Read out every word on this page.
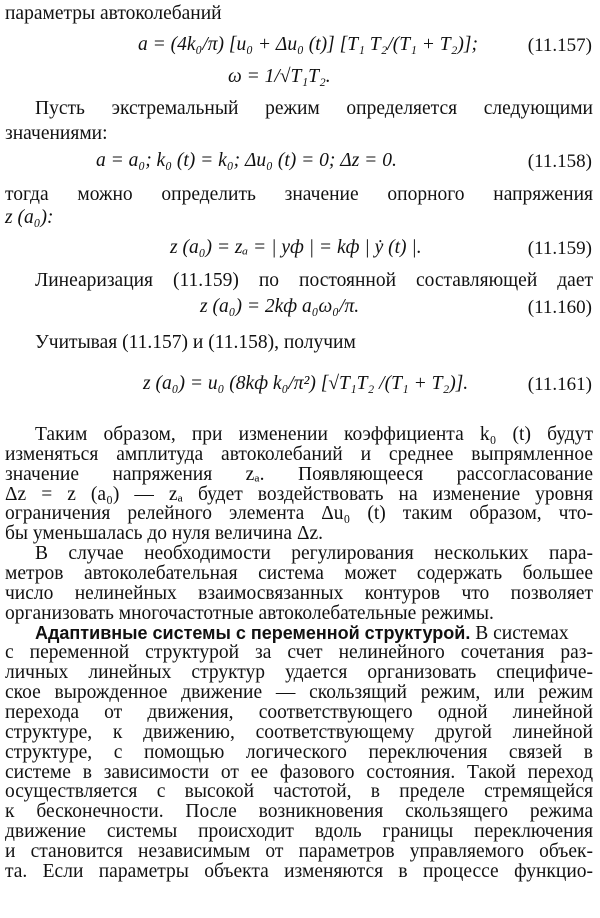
параметры автоколебаний
a = (4k₀/π) [u₀ + Δu₀ (t)] [T₁ T₂/(T₁ + T₂)];	(11.157)
ω = 1/√T₁T₂.
Пусть экстремальный режим определяется следующими
значениями:
a = a₀; k₀ (t) = k₀; Δu₀ (t) = 0; Δz = 0.	(11.158)
тогда можно определить значение опорного напряжения
z (a₀):
z (a₀) = zₐ = | yф | = kф | ẏ (t) |.	(11.159)
Линеаризация (11.159) по постоянной составляющей дает
z (a₀) = 2kф a₀ω₀/π.	(11.160)
Учитывая (11.157) и (11.158), получим
z (a₀) = u₀ (8kф k₀/π²) [√T₁T₂ /(T₁ + T₂)].	(11.161)
Таким образом, при изменении коэффициента k₀ (t) будут
изменяться амплитуда автоколебаний и среднее выпрямленное
значение напряжения zₐ. Появляющееся рассогласование
Δz = z (a₀) — zₐ будет воздействовать на изменение уровня
ограничения релейного элемента Δu₀ (t) таким образом, что-
бы уменьшалась до нуля величина Δz.
В случае необходимости регулирования нескольких пара-
метров автоколебательная система может содержать большее
число нелинейных взаимосвязанных контуров что позволяет
организовать многочастотные автоколебательные режимы.
Адаптивные системы с переменной структурой. В системах
с переменной структурой за счет нелинейного сочетания раз-
личных линейных структур удается организовать специфиче-
ское вырожденное движение — скользящий режим, или режим
перехода от движения, соответствующего одной линейной
структуре, к движению, соответствующему другой линейной
структуре, с помощью логического переключения связей в
системе в зависимости от ее фазового состояния. Такой переход
осуществляется с высокой частотой, в пределе стремящейся
к бесконечности. После возникновения скользящего режима
движение системы происходит вдоль границы переключения
и становится независимым от параметров управляемого объек-
та. Если параметры объекта изменяются в процессе функцио-
